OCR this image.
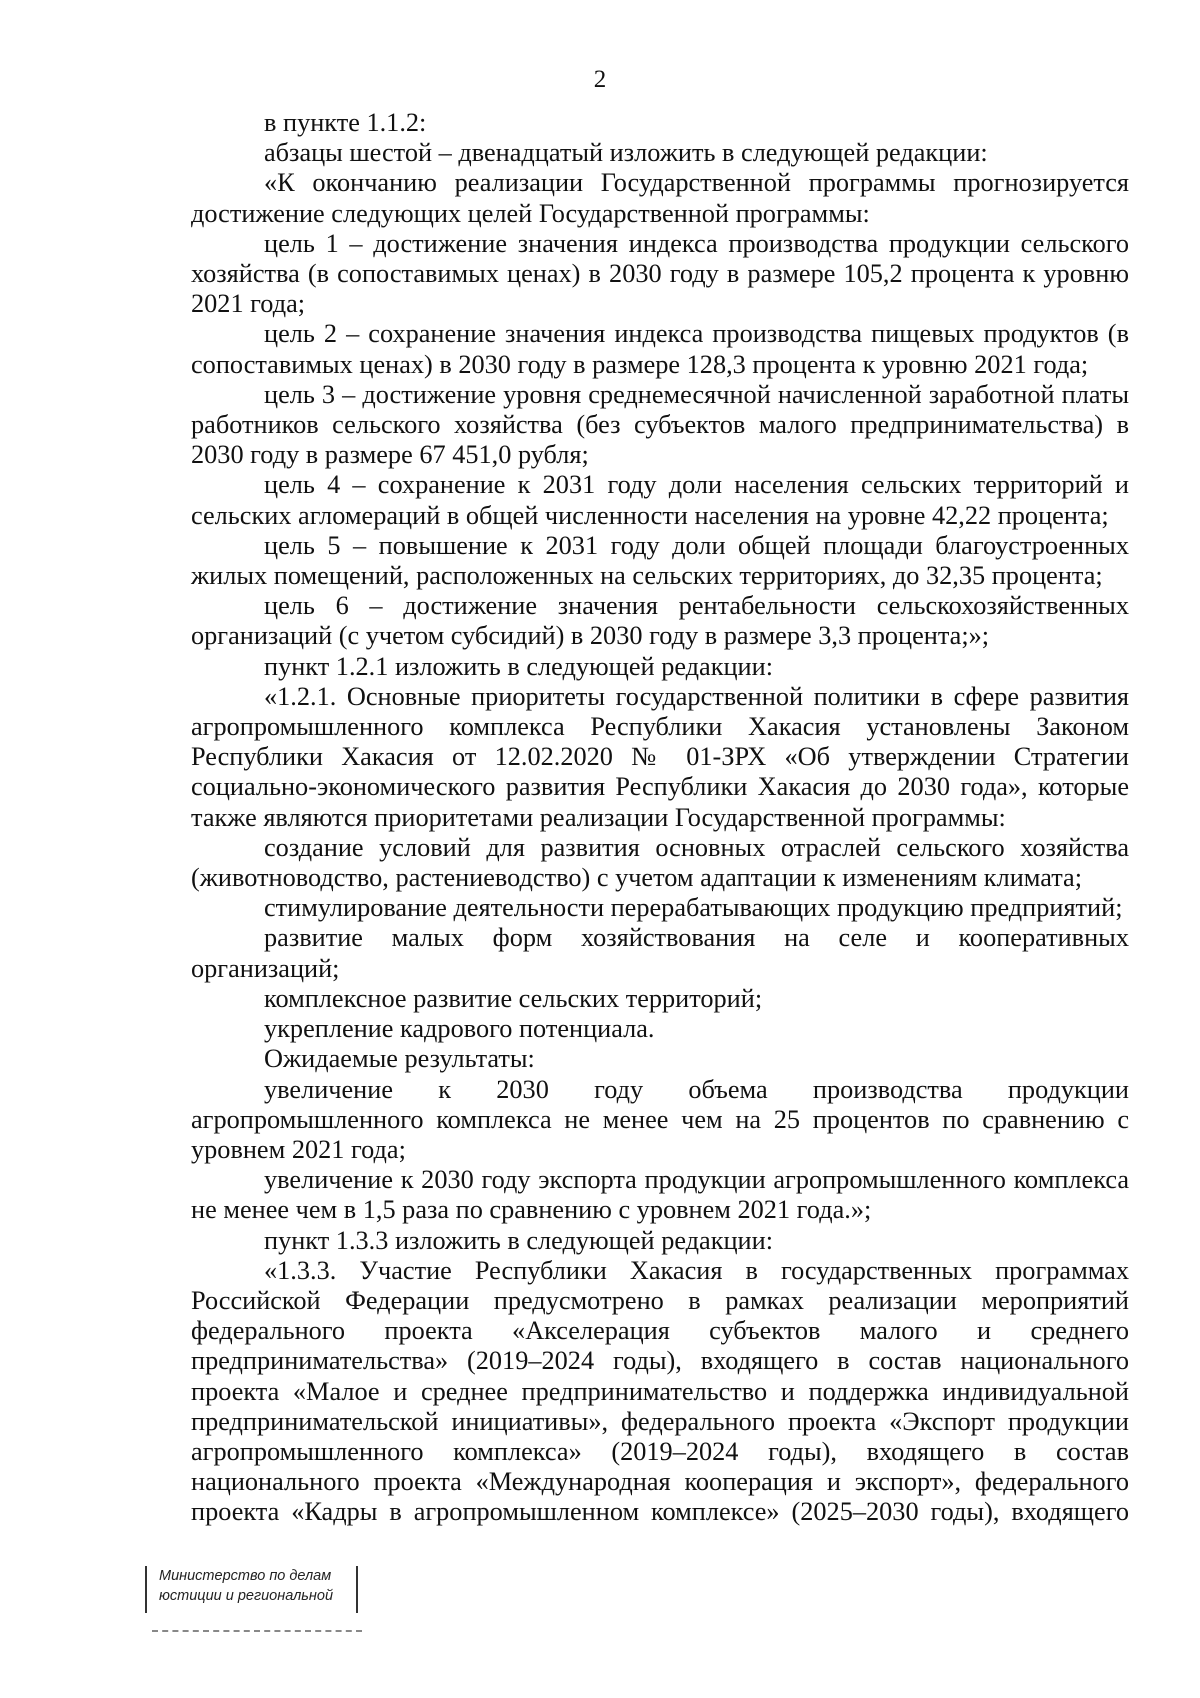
2

в пункте 1.1.2:

абзацы шестой – двенадцатый изложить в следующей редакции:

«К окончанию реализации Государственной программы прогнозируется достижение следующих целей Государственной программы:

цель 1 – достижение значения индекса производства продукции сельского хозяйства (в сопоставимых ценах) в 2030 году в размере 105,2 процента к уровню 2021 года;

цель 2 – сохранение значения индекса производства пищевых продуктов (в сопоставимых ценах) в 2030 году в размере 128,3 процента к уровню 2021 года;

цель 3 – достижение уровня среднемесячной начисленной заработной платы работников сельского хозяйства (без субъектов малого предпринимательства) в 2030 году в размере 67 451,0 рубля;

цель 4 – сохранение к 2031 году доли населения сельских территорий и сельских агломераций в общей численности населения на уровне 42,22 процента;

цель 5 – повышение к 2031 году доли общей площади благоустроенных жилых помещений, расположенных на сельских территориях, до 32,35 процента;

цель 6 – достижение значения рентабельности сельскохозяйственных организаций (с учетом субсидий) в 2030 году в размере 3,3 процента;»;

пункт 1.2.1 изложить в следующей редакции:

«1.2.1. Основные приоритеты государственной политики в сфере развития агропромышленного комплекса Республики Хакасия установлены Законом Республики Хакасия от 12.02.2020 № 01-ЗРХ «Об утверждении Стратегии социально-экономического развития Республики Хакасия до 2030 года», которые также являются приоритетами реализации Государственной программы:

создание условий для развития основных отраслей сельского хозяйства (животноводство, растениеводство) с учетом адаптации к изменениям климата;

стимулирование деятельности перерабатывающих продукцию предприятий;

развитие малых форм хозяйствования на селе и кооперативных организаций;

комплексное развитие сельских территорий;

укрепление кадрового потенциала.

Ожидаемые результаты:

увеличение к 2030 году объема производства продукции агропромышленного комплекса не менее чем на 25 процентов по сравнению с уровнем 2021 года;

увеличение к 2030 году экспорта продукции агропромышленного комплекса не менее чем в 1,5 раза по сравнению с уровнем 2021 года.»;

пункт 1.3.3 изложить в следующей редакции:

«1.3.3. Участие Республики Хакасия в государственных программах Российской Федерации предусмотрено в рамках реализации мероприятий федерального проекта «Акселерация субъектов малого и среднего предпринимательства» (2019–2024 годы), входящего в состав национального проекта «Малое и среднее предпринимательство и поддержка индивидуальной предпринимательской инициативы», федерального проекта «Экспорт продукции агропромышленного комплекса» (2019–2024 годы), входящего в состав национального проекта «Международная кооперация и экспорт», федерального проекта «Кадры в агропромышленном комплексе» (2025–2030 годы), входящего

Министерство по делам
юстиции и региональной
